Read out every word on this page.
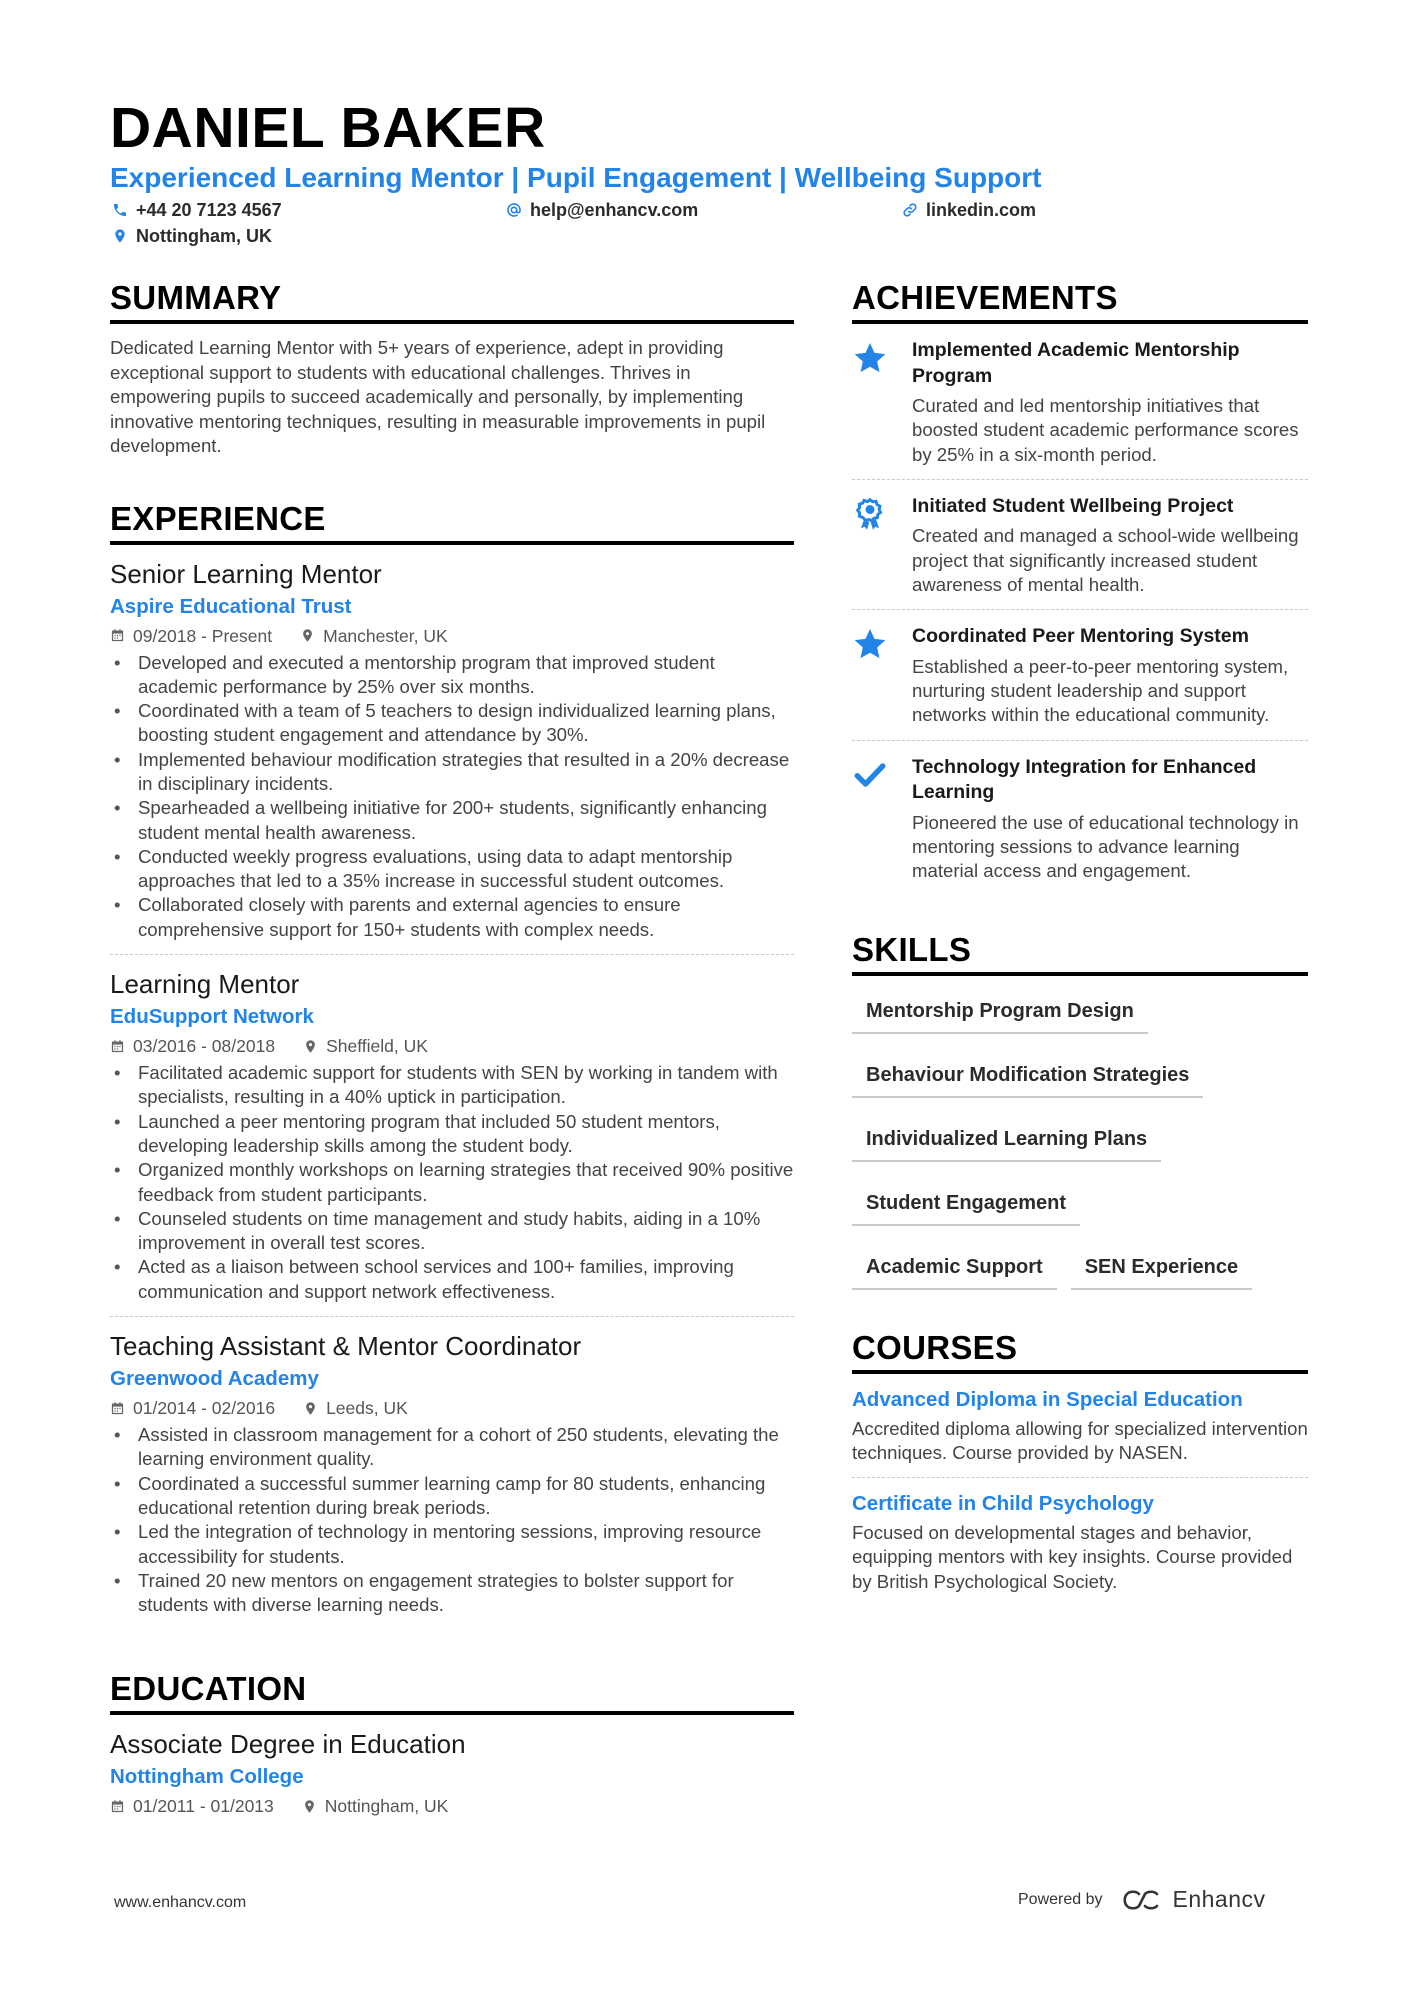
DANIEL BAKER
Experienced Learning Mentor | Pupil Engagement | Wellbeing Support
+44 20 7123 4567	help@enhancv.com	linkedin.com
Nottingham, UK
SUMMARY

Dedicated Learning Mentor with 5+ years of experience, adept in providing exceptional support to students with educational challenges. Thrives in empowering pupils to succeed academically and personally, by implementing innovative mentoring techniques, resulting in measurable improvements in pupil development.

EXPERIENCE
Senior Learning Mentor
Aspire Educational Trust
09/2018 - Present	Manchester, UK
• Developed and executed a mentorship program that improved student academic performance by 25% over six months.
• Coordinated with a team of 5 teachers to design individualized learning plans, boosting student engagement and attendance by 30%.
• Implemented behaviour modification strategies that resulted in a 20% decrease in disciplinary incidents.
• Spearheaded a wellbeing initiative for 200+ students, significantly enhancing student mental health awareness.
• Conducted weekly progress evaluations, using data to adapt mentorship approaches that led to a 35% increase in successful student outcomes.
• Collaborated closely with parents and external agencies to ensure comprehensive support for 150+ students with complex needs.
Learning Mentor
EduSupport Network
03/2016 - 08/2018	Sheffield, UK
• Facilitated academic support for students with SEN by working in tandem with specialists, resulting in a 40% uptick in participation.
• Launched a peer mentoring program that included 50 student mentors, developing leadership skills among the student body.
• Organized monthly workshops on learning strategies that received 90% positive feedback from student participants.
• Counseled students on time management and study habits, aiding in a 10% improvement in overall test scores.
• Acted as a liaison between school services and 100+ families, improving communication and support network effectiveness.
Teaching Assistant & Mentor Coordinator
Greenwood Academy
01/2014 - 02/2016	Leeds, UK
• Assisted in classroom management for a cohort of 250 students, elevating the learning environment quality.
• Coordinated a successful summer learning camp for 80 students, enhancing educational retention during break periods.
• Led the integration of technology in mentoring sessions, improving resource accessibility for students.
• Trained 20 new mentors on engagement strategies to bolster support for students with diverse learning needs.
EDUCATION
Associate Degree in Education
Nottingham College
01/2011 - 01/2013	Nottingham, UK
ACHIEVEMENTS
Implemented Academic Mentorship Program
Curated and led mentorship initiatives that boosted student academic performance scores by 25% in a six-month period.
Initiated Student Wellbeing Project
Created and managed a school-wide wellbeing project that significantly increased student awareness of mental health.
Coordinated Peer Mentoring System
Established a peer-to-peer mentoring system, nurturing student leadership and support networks within the educational community.
Technology Integration for Enhanced Learning
Pioneered the use of educational technology in mentoring sessions to advance learning material access and engagement.
SKILLS
Mentorship Program Design
Behaviour Modification Strategies
Individualized Learning Plans
Student Engagement
Academic Support	SEN Experience
COURSES
Advanced Diploma in Special Education
Accredited diploma allowing for specialized intervention techniques. Course provided by NASEN.
Certificate in Child Psychology
Focused on developmental stages and behavior, equipping mentors with key insights. Course provided by British Psychological Society.
www.enhancv.com	Powered by	Enhancv
